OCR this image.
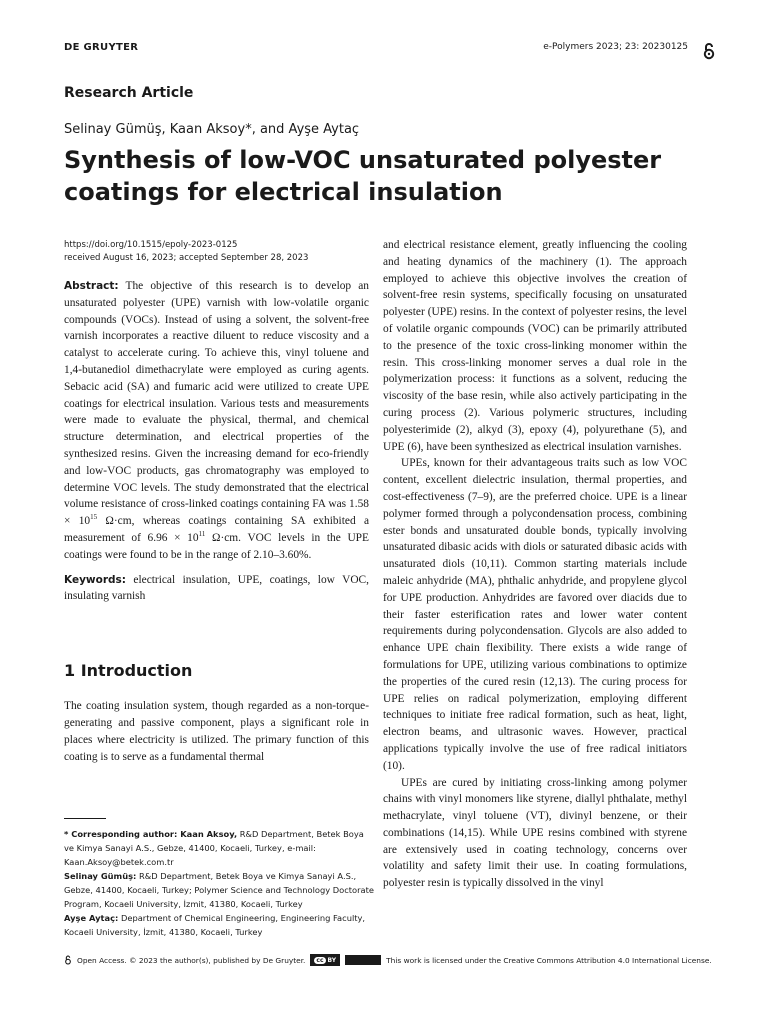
DE GRUYTER	e-Polymers 2023; 23: 20230125
Research Article
Selinay Gümüş, Kaan Aksoy*, and Ayşe Aytaç
Synthesis of low-VOC unsaturated polyester coatings for electrical insulation
https://doi.org/10.1515/epoly-2023-0125
received August 16, 2023; accepted September 28, 2023

Abstract: The objective of this research is to develop an unsaturated polyester (UPE) varnish with low-volatile organic compounds (VOCs). Instead of using a solvent, the solvent-free varnish incorporates a reactive diluent to reduce viscosity and a catalyst to accelerate curing. To achieve this, vinyl toluene and 1,4-butanediol dimethacrylate were employed as curing agents. Sebacic acid (SA) and fumaric acid were utilized to create UPE coatings for electrical insulation. Various tests and measurements were made to evaluate the physical, thermal, and chemical structure determination, and electrical properties of the synthesized resins. Given the increasing demand for eco-friendly and low-VOC products, gas chromatography was employed to determine VOC levels. The study demonstrated that the electrical volume resistance of cross-linked coatings containing FA was $1.58 \times 10^{15}$ Ω·cm, whereas coatings containing SA exhibited a measurement of $6.96 \times 10^{11}$ Ω·cm. VOC levels in the UPE coatings were found to be in the range of 2.10–3.60%.

Keywords: electrical insulation, UPE, coatings, low VOC, insulating varnish

1 Introduction

The coating insulation system, though regarded as a non-torque-generating and passive component, plays a significant role in places where electricity is utilized. The primary function of this coating is to serve as a fundamental thermal

and electrical resistance element, greatly influencing the cooling and heating dynamics of the machinery (1). The approach employed to achieve this objective involves the creation of solvent-free resin systems, specifically focusing on unsaturated polyester (UPE) resins. In the context of polyester resins, the level of volatile organic compounds (VOC) can be primarily attributed to the presence of the toxic cross-linking monomer within the resin. This cross-linking monomer serves a dual role in the polymerization process: it functions as a solvent, reducing the viscosity of the base resin, while also actively participating in the curing process (2). Various polymeric structures, including polyesterimide (2), alkyd (3), epoxy (4), polyurethane (5), and UPE (6), have been synthesized as electrical insulation varnishes.

UPEs, known for their advantageous traits such as low VOC content, excellent dielectric insulation, thermal properties, and cost-effectiveness (7–9), are the preferred choice. UPE is a linear polymer formed through a polycondensation process, combining ester bonds and unsaturated double bonds, typically involving unsaturated dibasic acids with diols or saturated dibasic acids with unsaturated diols (10,11). Common starting materials include maleic anhydride (MA), phthalic anhydride, and propylene glycol for UPE production. Anhydrides are favored over diacids due to their faster esterification rates and lower water content requirements during polycondensation. Glycols are also added to enhance UPE chain flexibility. There exists a wide range of formulations for UPE, utilizing various combinations to optimize the properties of the cured resin (12,13). The curing process for UPE relies on radical polymerization, employing different techniques to initiate free radical formation, such as heat, light, electron beams, and ultrasonic waves. However, practical applications typically involve the use of free radical initiators (10).

UPEs are cured by initiating cross-linking among polymer chains with vinyl monomers like styrene, diallyl phthalate, methyl methacrylate, vinyl toluene (VT), divinyl benzene, or their combinations (14,15). While UPE resins combined with styrene are extensively used in coating technology, concerns over volatility and safety limit their use. In coating formulations, polyester resin is typically dissolved in the vinyl

* Corresponding author: Kaan Aksoy, R&D Department, Betek Boya ve Kimya Sanayi A.S., Gebze, 41400, Kocaeli, Turkey, e-mail: Kaan.Aksoy@betek.com.tr
Selinay Gümüş: R&D Department, Betek Boya ve Kimya Sanayi A.S., Gebze, 41400, Kocaeli, Turkey; Polymer Science and Technology Doctorate Program, Kocaeli University, İzmit, 41380, Kocaeli, Turkey
Ayşe Aytaç: Department of Chemical Engineering, Engineering Faculty, Kocaeli University, İzmit, 41380, Kocaeli, Turkey
Open Access. © 2023 the author(s), published by De Gruyter.	cc BY	This work is licensed under the Creative Commons Attribution 4.0 International License.
